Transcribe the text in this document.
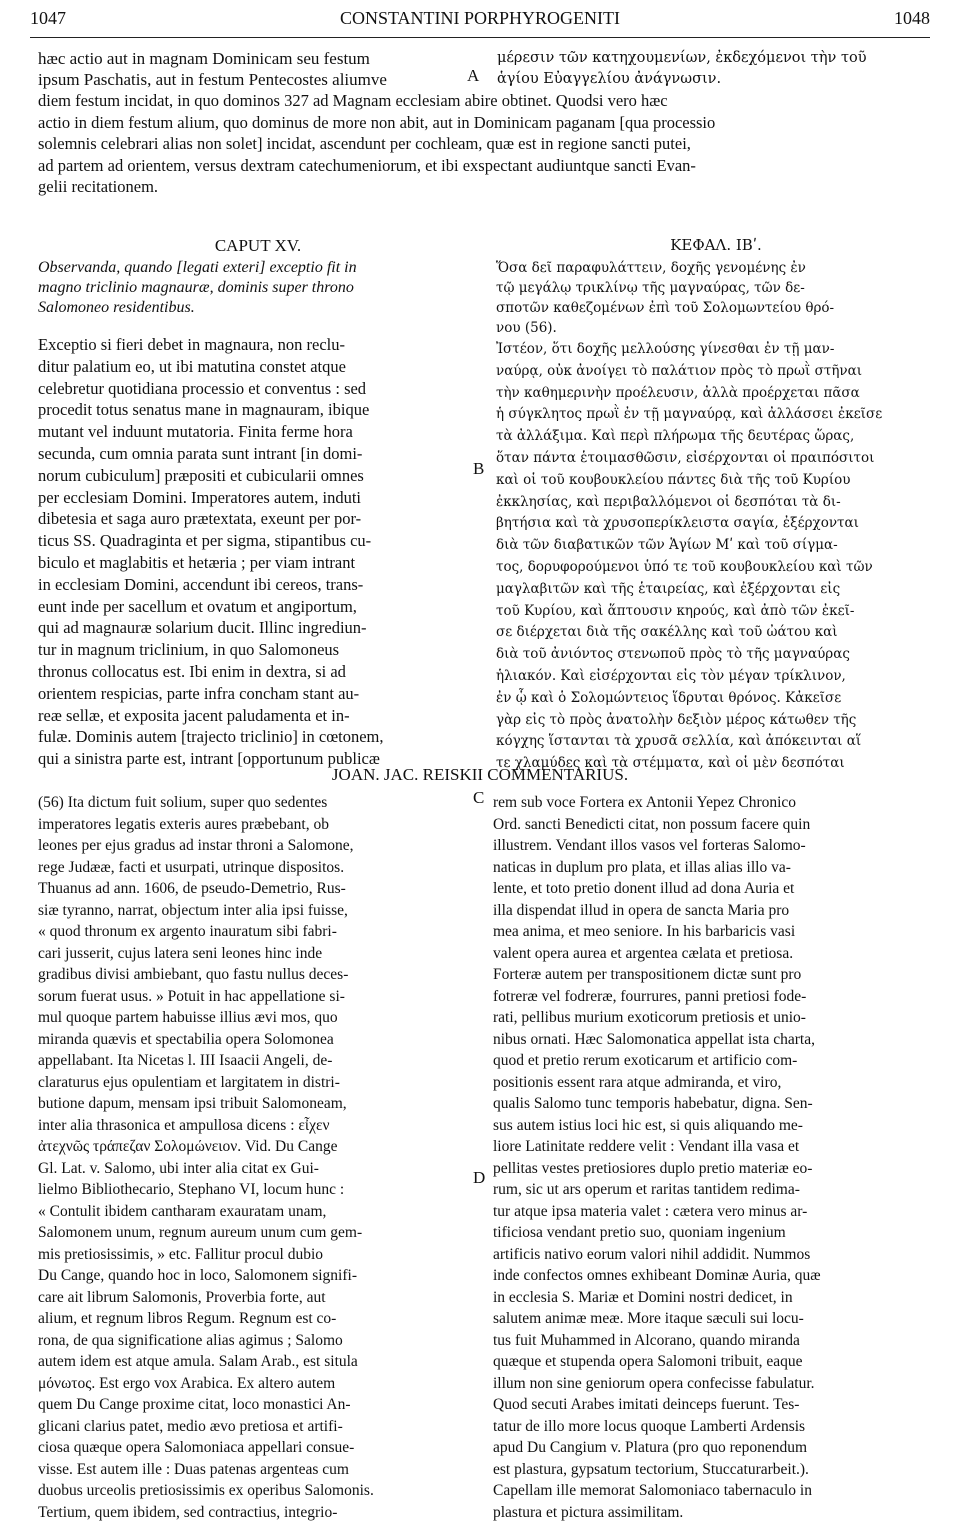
1047	CONSTANTINI PORPHYROGENITI	1048
hæc actio aut in magnam Dominicam seu festum
ipsum Paschatis, aut in festum Pentecostes aliumve
μέρεσιν τῶν κατηχουμενίων, ἐκδεχόμενοι τὴν τοῦ
ἁγίου Εὐαγγελίου ἀνάγνωσιν.
diem festum incidat, in quo dominos 327 ad Magnam ecclesiam abire obtinet. Quodsi vero hæc
actio in diem festum alium, quo dominus de more non abit, aut in Dominicam paganam [qua processio
solemnis celebrari alias non solet] incidat, ascendunt per cochleam, quæ est in regione sancti putei,
ad partem ad orientem, versus dextram catechumeniorum, et ibi exspectant audiuntque sancti Evan-
gelii recitationem.
CAPUT XV.	ΚΕΦΑΛ. ΙΒʹ.
Observanda, quando [legati exteri] exceptio fit in
magno triclinio magnauræ, dominis super throno
Salomoneo residentibus.
Exceptio si fieri debet in magnaura, non reclu-
ditur palatium eo, ut ibi matutina constet atque
celebretur quotidiana processio et conventus : sed
procedit totus senatus mane in magnauram, ibique
mutant vel induunt mutatoria. Finita ferme hora
secunda, cum omnia parata sunt intrant [in domi-
norum cubiculum] præpositi et cubicularii omnes
per ecclesiam Domini. Imperatores autem, induti
dibetesia et saga auro prætextata, exeunt per por-
ticus SS. Quadraginta et per sigma, stipantibus cu-
biculo et maglabitis et hetæria ; per viam intrant
in ecclesiam Domini, accendunt ibi cereos, trans-
eunt inde per sacellum et ovatum et angiportum,
qui ad magnauræ solarium ducit. Illinc ingrediun-
tur in magnum triclinium, in quo Salomoneus
thronus collocatus est. Ibi enim in dextra, si ad
orientem respicias, parte infra concham stant au-
reæ sellæ, et exposita jacent paludamenta et in-
fulæ. Dominis autem [trajecto triclinio] in cœtonem,
qui a sinistra parte est, intrant [opportunum publicæ
Ὅσα δεῖ παραφυλάττειν, δοχῆς γενομένης ἐν
τῷ μεγάλῳ τρικλίνῳ τῆς μαγναύρας, τῶν δε-
σποτῶν καθεζομένων ἐπὶ τοῦ Σολομωντείου θρό-
νου (56).
Ἰστέον, ὅτι δοχῆς μελλούσης γίνεσθαι ἐν τῇ μαν-
ναύρᾳ, οὐκ ἀνοίγει τὸ παλάτιον πρὸς τὸ πρωῒ στῆναι
τὴν καθημερινὴν προέλευσιν, ἀλλὰ προέρχεται πᾶσα
ἡ σύγκλητος πρωῒ ἐν τῇ μαγναύρᾳ, καὶ ἀλλάσσει ἐκεῖσε
τὰ ἀλλάξιμα. Καὶ περὶ πλήρωμα τῆς δευτέρας ὥρας,
ὅταν πάντα ἑτοιμασθῶσιν, εἰσέρχονται οἱ πραιπόσιτοι
καὶ οἱ τοῦ κουβουκλείου πάντες διὰ τῆς τοῦ Κυρίου
ἐκκλησίας, καὶ περιβαλλόμενοι οἱ δεσπόται τὰ δι-
βητήσια καὶ τὰ χρυσοπερίκλειστα σαγία, ἐξέρχονται
διὰ τῶν διαβατικῶν τῶν Ἁγίων Μʹ καὶ τοῦ σίγμα-
τος, δορυφορούμενοι ὑπό τε τοῦ κουβουκλείου καὶ τῶν
μαγλαβιτῶν καὶ τῆς ἑταιρείας, καὶ ἐξέρχονται εἰς
τοῦ Κυρίου, καὶ ἅπτουσιν κηρούς, καὶ ἀπὸ τῶν ἐκεῖ-
σε διέρχεται διὰ τῆς σακέλλης καὶ τοῦ ὠάτου καὶ
διὰ τοῦ ἀνιόντος στενωποῦ πρὸς τὸ τῆς μαγναύρας
ἡλιακόν. Καὶ εἰσέρχονται εἰς τὸν μέγαν τρίκλινον,
ἐν ᾧ καὶ ὁ Σολομώντειος ἵδρυται θρόνος. Κἀκεῖσε
γὰρ εἰς τὸ πρὸς ἀνατολὴν δεξιὸν μέρος κάτωθεν τῆς
κόγχης ἵστανται τὰ χρυσᾶ σελλία, καὶ ἀπόκεινται αἵ
τε χλαμύδες καὶ τὰ στέμματα, καὶ οἱ μὲν δεσπόται
A
B
C
D
JOAN. JAC. REISKII COMMENTARIUS.
(56) Ita dictum fuit solium, super quo sedentes
imperatores legatis exteris aures præbebant, ob
leones per ejus gradus ad instar throni a Salomone,
rege Judææ, facti et usurpati, utrinque dispositos.
Thuanus ad ann. 1606, de pseudo-Demetrio, Rus-
siæ tyranno, narrat, objectum inter alia ipsi fuisse,
« quod thronum ex argento inauratum sibi fabri-
cari jusserit, cujus latera seni leones hinc inde
gradibus divisi ambiebant, quo fastu nullus deces-
sorum fuerat usus. » Potuit in hac appellatione si-
mul quoque partem habuisse illius ævi mos, quo
miranda quævis et spectabilia opera Solomonea
appellabant. Ita Nicetas l. III Isaacii Angeli, de-
claraturus ejus opulentiam et largitatem in distri-
butione dapum, mensam ipsi tribuit Salomoneam,
inter alia thrasonica et ampullosa dicens : εἶχεν
ἀτεχνῶς τράπεζαν Σολομώνειον. Vid. Du Cange
Gl. Lat. v. Salomo, ubi inter alia citat ex Gui-
lielmo Bibliothecario, Stephano VI, locum hunc :
« Contulit ibidem cantharam exauratam unam,
Salomonem unum, regnum aureum unum cum gem-
mis pretiosissimis, » etc. Fallitur procul dubio
Du Cange, quando hoc in loco, Salomonem signifi-
care ait librum Salomonis, Proverbia forte, aut
alium, et regnum libros Regum. Regnum est co-
rona, de qua significatione alias agimus ; Salomo
autem idem est atque amula. Salam Arab., est situla
μόνωτος. Est ergo vox Arabica. Ex altero autem
quem Du Cange proxime citat, loco monastici An-
glicani clarius patet, medio ævo pretiosa et artifi-
ciosa quæque opera Salomoniaca appellari consue-
visse. Est autem ille : Duas patenas argenteas cum
duobus urceolis pretiosissimis ex operibus Salomonis.
Tertium, quem ibidem, sed contractius, integrio-
rem sub voce Fortera ex Antonii Yepez Chronico
Ord. sancti Benedicti citat, non possum facere quin
illustrem. Vendant illos vasos vel forteras Salomo-
naticas in duplum pro plata, et illas alias illo va-
lente, et toto pretio donent illud ad dona Auria et
illa dispendat illud in opera de sancta Maria pro
mea anima, et meo seniore. In his barbaricis vasi
valent opera aurea et argentea cælata et pretiosa.
Forteræ autem per transpositionem dictæ sunt pro
fotreræ vel fodreræ, fourrures, panni pretiosi fode-
rati, pellibus murium exoticorum pretiosis et unio-
nibus ornati. Hæc Salomonatica appellat ista charta,
quod et pretio rerum exoticarum et artificio com-
positionis essent rara atque admiranda, et viro,
qualis Salomo tunc temporis habebatur, digna. Sen-
sus autem istius loci hic est, si quis aliquando me-
liore Latinitate reddere velit : Vendant illa vasa et
pellitas vestes pretiosiores duplo pretio materiæ eo-
rum, sic ut ars operum et raritas tantidem redima-
tur atque ipsa materia valet : cætera vero minus ar-
tificiosa vendant pretio suo, quoniam ingenium
artificis nativo eorum valori nihil addidit. Nummos
inde confectos omnes exhibeant Dominæ Auria, quæ
in ecclesia S. Mariæ et Domini nostri dedicet, in
salutem animæ meæ. More itaque sæculi sui locu-
tus fuit Muhammed in Alcorano, quando miranda
quæque et stupenda opera Salomoni tribuit, eaque
illum non sine geniorum opera confecisse fabulatur.
Quod secuti Arabes imitati deinceps fuerunt. Tes-
tatur de illo more locus quoque Lamberti Ardensis
apud Du Cangium v. Platura (pro quo reponendum
est plastura, gypsatum tectorium, Stuccaturarbeit.).
Capellam ille memorat Salomoniaco tabernaculo in
plastura et pictura assimilitam.
